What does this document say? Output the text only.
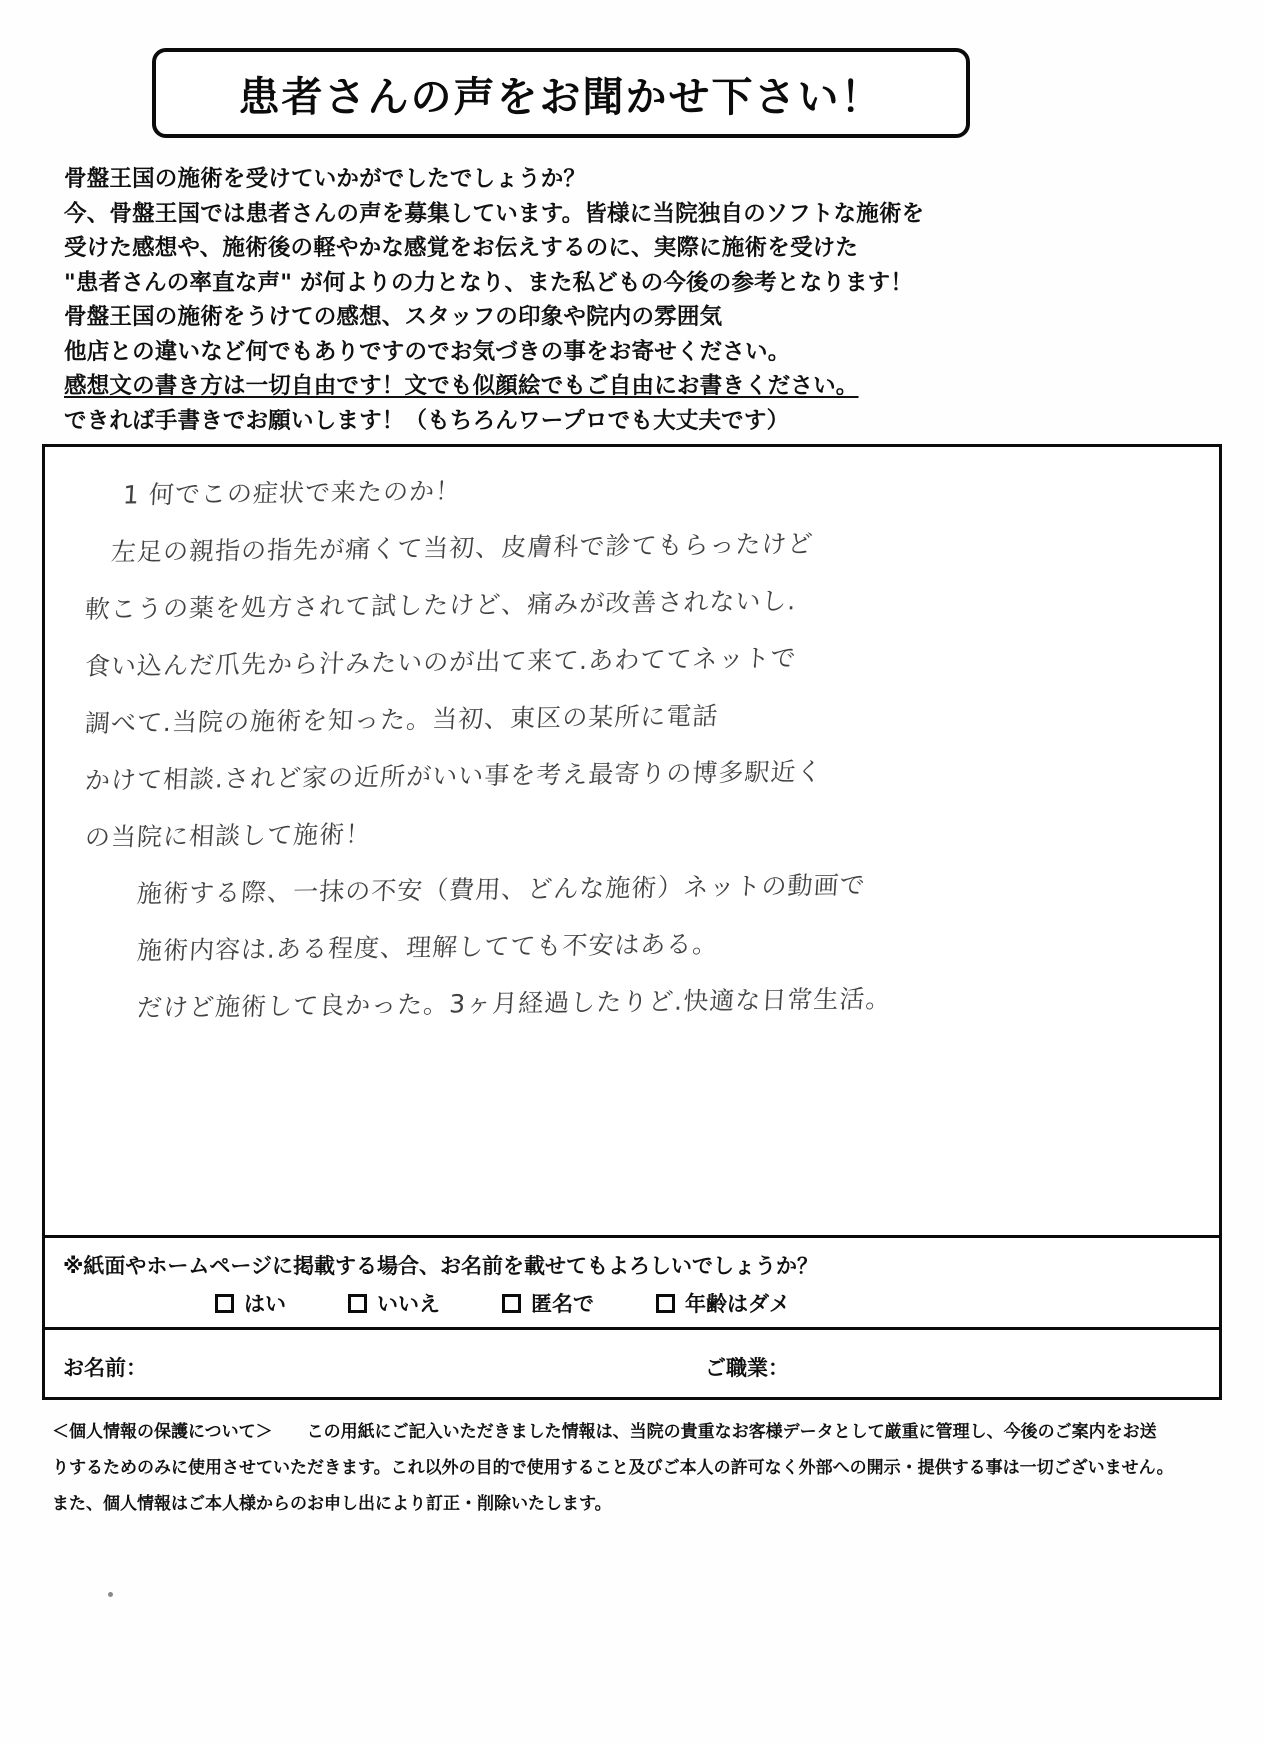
患者さんの声をお聞かせ下さい！
骨盤王国の施術を受けていかがでしたでしょうか？
今、骨盤王国では患者さんの声を募集しています。皆様に当院独自のソフトな施術を
受けた感想や、施術後の軽やかな感覚をお伝えするのに、実際に施術を受けた
"患者さんの率直な声" が何よりの力となり、また私どもの今後の参考となります！
骨盤王国の施術をうけての感想、スタッフの印象や院内の雰囲気
他店との違いなど何でもありですのでお気づきの事をお寄せください。
感想文の書き方は一切自由です！文でも似顔絵でもご自由にお書きください。
できれば手書きでお願いします！（もちろんワープロでも大丈夫です）
1 何でこの症状で来たのか！
左足の親指の指先が痛くて当初、皮膚科で診てもらったけど
軟こうの薬を処方されて試したけど、痛みが改善されないし.
食い込んだ爪先から汁みたいのが出て来て.あわててネットで
調べて.当院の施術を知った。当初、東区の某所に電話
かけて相談.されど家の近所がいい事を考え最寄りの博多駅近く
の当院に相談して施術！
施術する際、一抹の不安（費用、どんな施術）ネットの動画で
施術内容は.ある程度、理解してても不安はある。
だけど施術して良かった。3ヶ月経過したりど.快適な日常生活。
※紙面やホームページに掲載する場合、お名前を載せてもよろしいでしょうか？
はい	いいえ	匿名で	年齢はダメ
お名前：	ご職業：
＜個人情報の保護について＞　　この用紙にご記入いただきました情報は、当院の貴重なお客様データとして厳重に管理し、今後のご案内をお送
りするためのみに使用させていただきます。これ以外の目的で使用すること及びご本人の許可なく外部への開示・提供する事は一切ございません。
また、個人情報はご本人様からのお申し出により訂正・削除いたします。
